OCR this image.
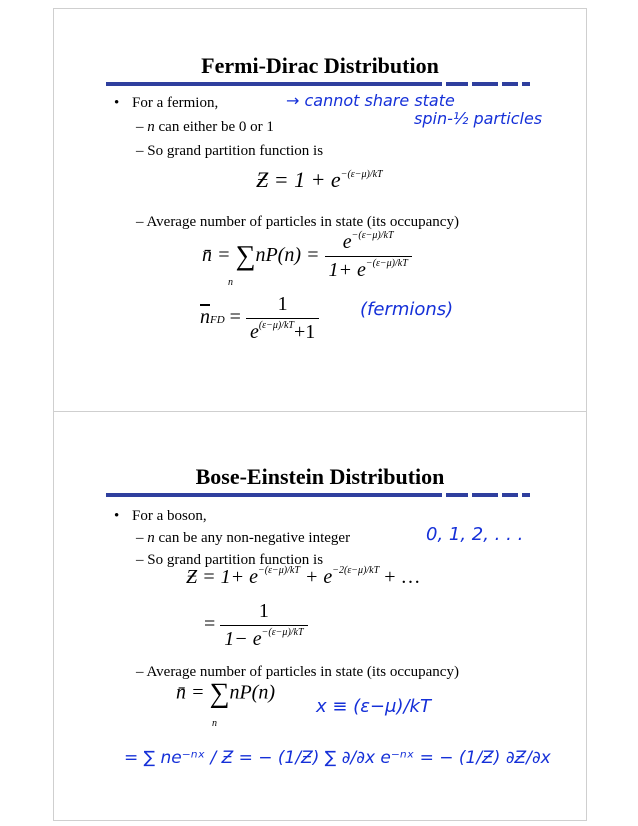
Fermi-Dirac Distribution
• For a fermion,
– n can either be 0 or 1
– So grand partition function is
Ƶ = $1 + e^{-(\varepsilon-\mu)/kT}$
– Average number of particles in state (its occupancy)
n̄ = $\sum nP(n) = \frac{e^{-(\varepsilon-\mu)/kT}}{1+ e^{-(\varepsilon-\mu)/kT}}$
n
$\overline{n}FD = \frac{1}{e^{(\varepsilon-\mu)/kT}+1}$
→ cannot share state
spin-½ particles
(fermions)
Bose-Einstein Distribution
• For a boson,
– n can be any non-negative integer
– So grand partition function is
Ƶ = $1+ e^{-(\varepsilon-\mu)/kT} + e^{-2(\varepsilon-\mu)/kT}$ + …
= $\frac{1}{1- e^{-(\varepsilon-\mu)/kT}}$
– Average number of particles in state (its occupancy)
n̄ = ∑nP(n)
n
0, 1, 2, . . .
x ≡ (ε−μ)/kT
= ∑ ne⁻ⁿˣ / Ƶ = − (1/Ƶ) ∑ ∂/∂x e⁻ⁿˣ = − (1/Ƶ) ∂Ƶ/∂x
